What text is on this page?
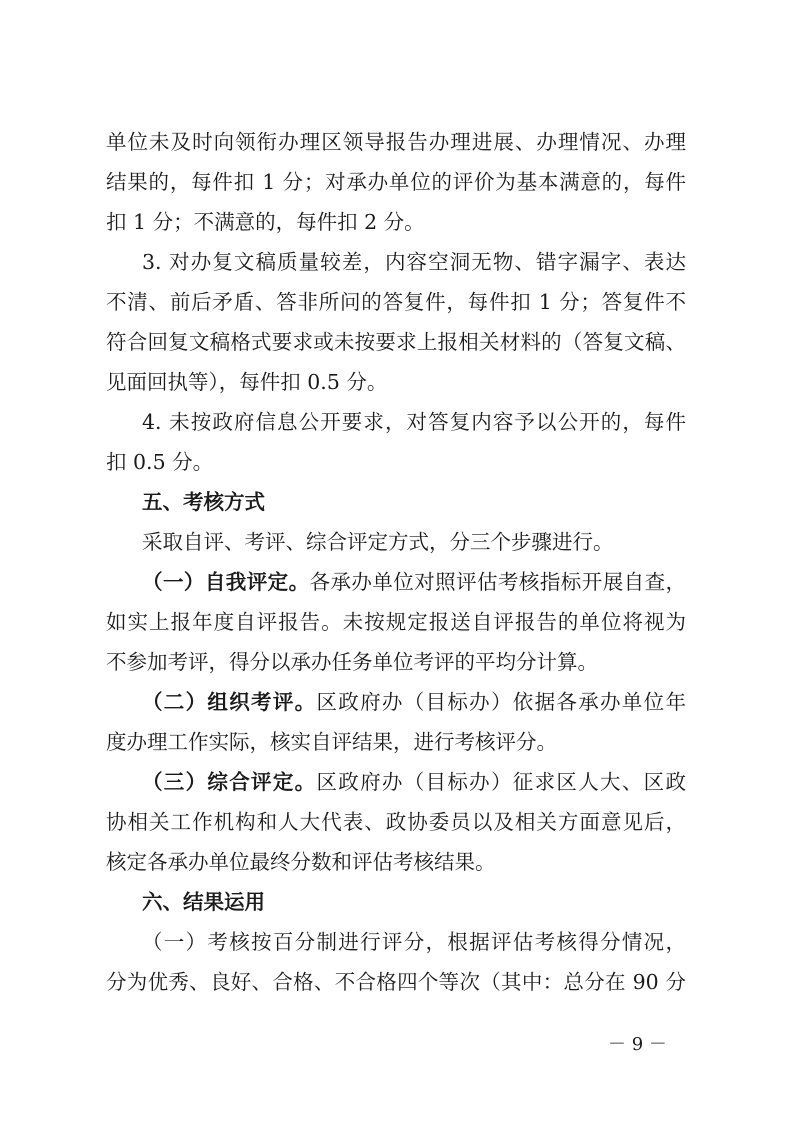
单位未及时向领衔办理区领导报告办理进展、办理情况、办理
结果的，每件扣 1 分；对承办单位的评价为基本满意的，每件
扣 1 分；不满意的，每件扣 2 分。
3. 对办复文稿质量较差，内容空洞无物、错字漏字、表达
不清、前后矛盾、答非所问的答复件，每件扣 1 分；答复件不
符合回复文稿格式要求或未按要求上报相关材料的（答复文稿、
见面回执等），每件扣 0.5 分。
4. 未按政府信息公开要求，对答复内容予以公开的，每件
扣 0.5 分。
五、考核方式
采取自评、考评、综合评定方式，分三个步骤进行。
（一）自我评定。各承办单位对照评估考核指标开展自查，
如实上报年度自评报告。未按规定报送自评报告的单位将视为
不参加考评，得分以承办任务单位考评的平均分计算。
（二）组织考评。区政府办（目标办）依据各承办单位年
度办理工作实际，核实自评结果，进行考核评分。
（三）综合评定。区政府办（目标办）征求区人大、区政
协相关工作机构和人大代表、政协委员以及相关方面意见后，
核定各承办单位最终分数和评估考核结果。
六、结果运用
（一）考核按百分制进行评分，根据评估考核得分情况，
分为优秀、良好、合格、不合格四个等次（其中：总分在 90 分
－ 9 －
